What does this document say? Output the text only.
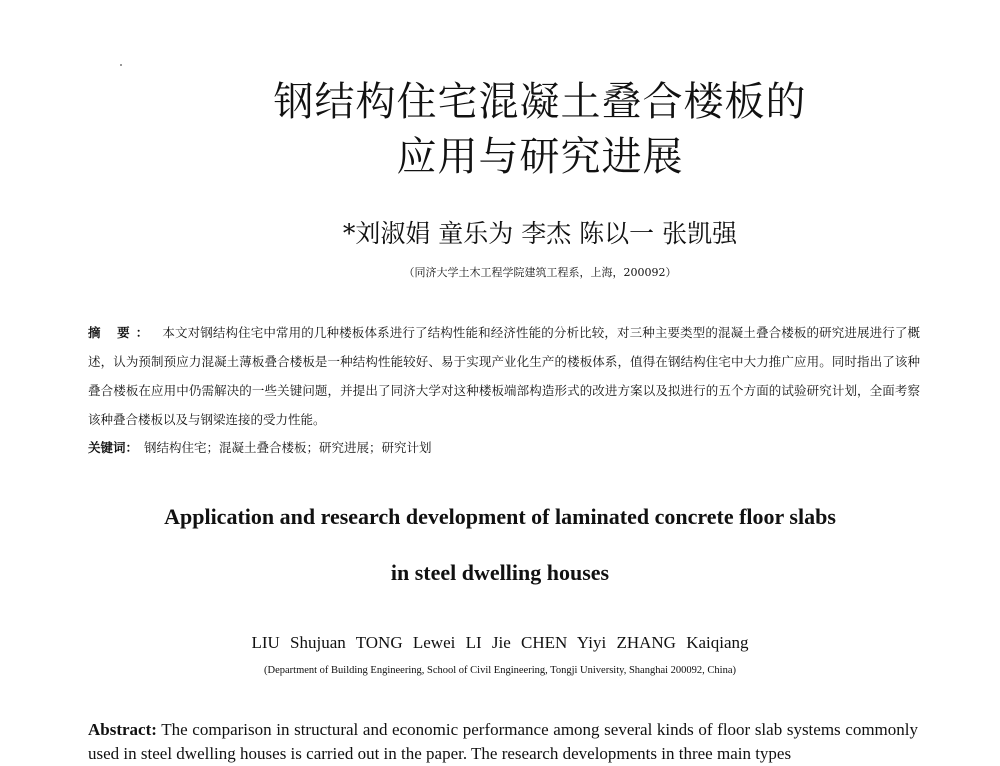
钢结构住宅混凝土叠合楼板的
应用与研究进展
*刘淑娟 童乐为 李杰 陈以一 张凯强
（同济大学土木工程学院建筑工程系，上海，200092）
摘 要： 本文对钢结构住宅中常用的几种楼板体系进行了结构性能和经济性能的分析比较，对三种主要类型的混凝土叠合楼板的研究进展进行了概述，认为预制预应力混凝土薄板叠合楼板是一种结构性能较好、易于实现产业化生产的楼板体系，值得在钢结构住宅中大力推广应用。同时指出了该种叠合楼板在应用中仍需解决的一些关键问题，并提出了同济大学对这种楼板端部构造形式的改进方案以及拟进行的五个方面的试验研究计划，全面考察该种叠合楼板以及与钢梁连接的受力性能。
关键词： 钢结构住宅；混凝土叠合楼板；研究进展；研究计划
Application and research development of laminated concrete floor slabs
in steel dwelling houses
LIU Shujuan TONG Lewei LI Jie CHEN Yiyi ZHANG Kaiqiang
(Department of Building Engineering, School of Civil Engineering, Tongji University, Shanghai 200092, China)
Abstract: The comparison in structural and economic performance among several kinds of floor slab systems commonly used in steel dwelling houses is carried out in the paper. The research developments in three main types
